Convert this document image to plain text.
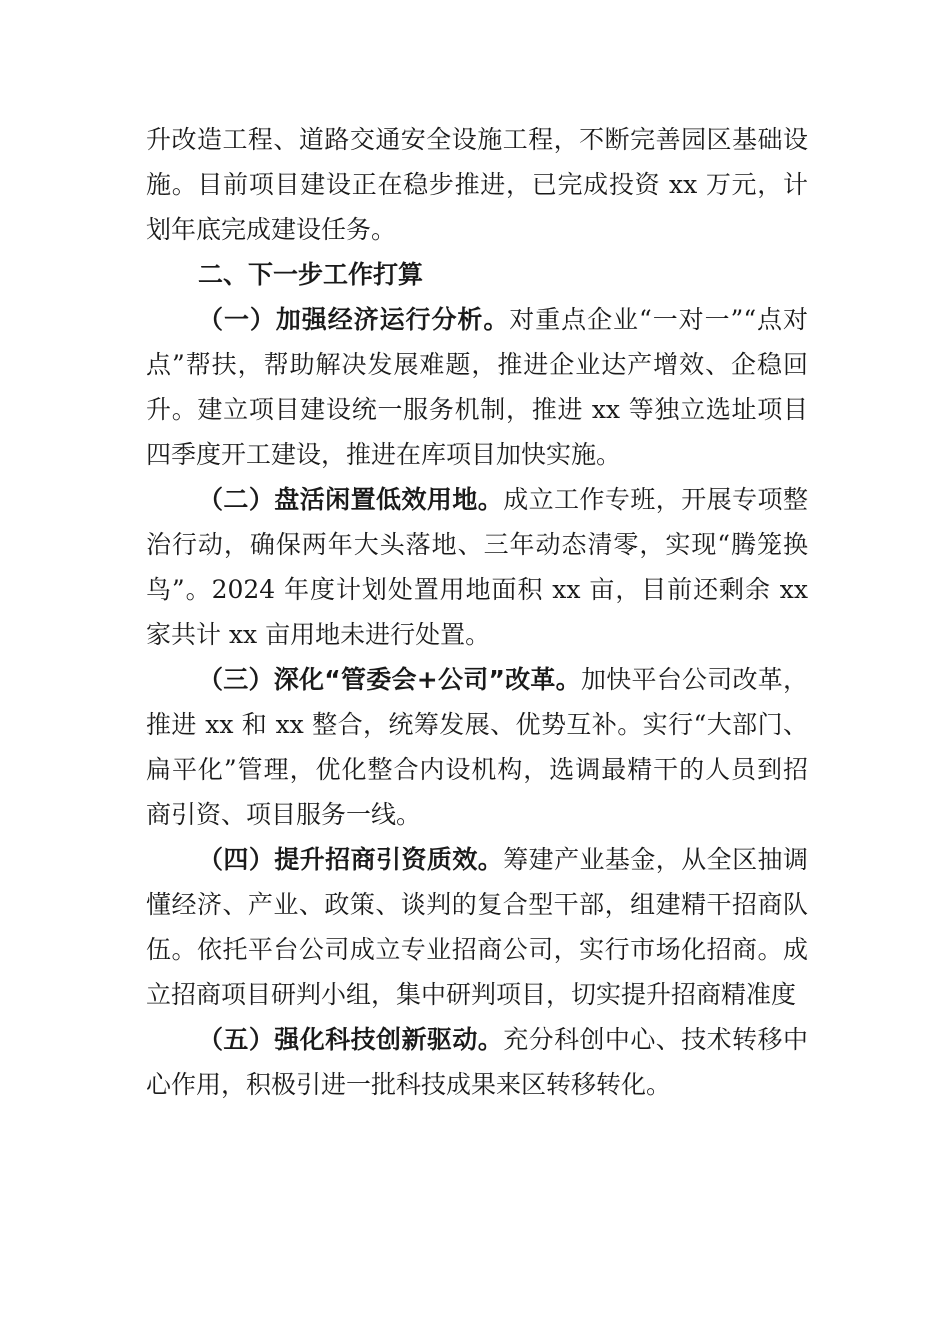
升改造工程、道路交通安全设施工程，不断完善园区基础设施。目前项目建设正在稳步推进，已完成投资 xx 万元，计划年底完成建设任务。

二、下一步工作打算

（一）加强经济运行分析。对重点企业“一对一”“点对点”帮扶，帮助解决发展难题，推进企业达产增效、企稳回升。建立项目建设统一服务机制，推进 xx 等独立选址项目四季度开工建设，推进在库项目加快实施。

（二）盘活闲置低效用地。成立工作专班，开展专项整治行动，确保两年大头落地、三年动态清零，实现“腾笼换鸟”。2024 年度计划处置用地面积 xx 亩，目前还剩余 xx 家共计 xx 亩用地未进行处置。

（三）深化“管委会+公司”改革。加快平台公司改革，推进 xx 和 xx 整合，统筹发展、优势互补。实行“大部门、扁平化”管理，优化整合内设机构，选调最精干的人员到招商引资、项目服务一线。

（四）提升招商引资质效。筹建产业基金，从全区抽调懂经济、产业、政策、谈判的复合型干部，组建精干招商队伍。依托平台公司成立专业招商公司，实行市场化招商。成立招商项目研判小组，集中研判项目，切实提升招商精准度

（五）强化科技创新驱动。充分科创中心、技术转移中心作用，积极引进一批科技成果来区转移转化。
